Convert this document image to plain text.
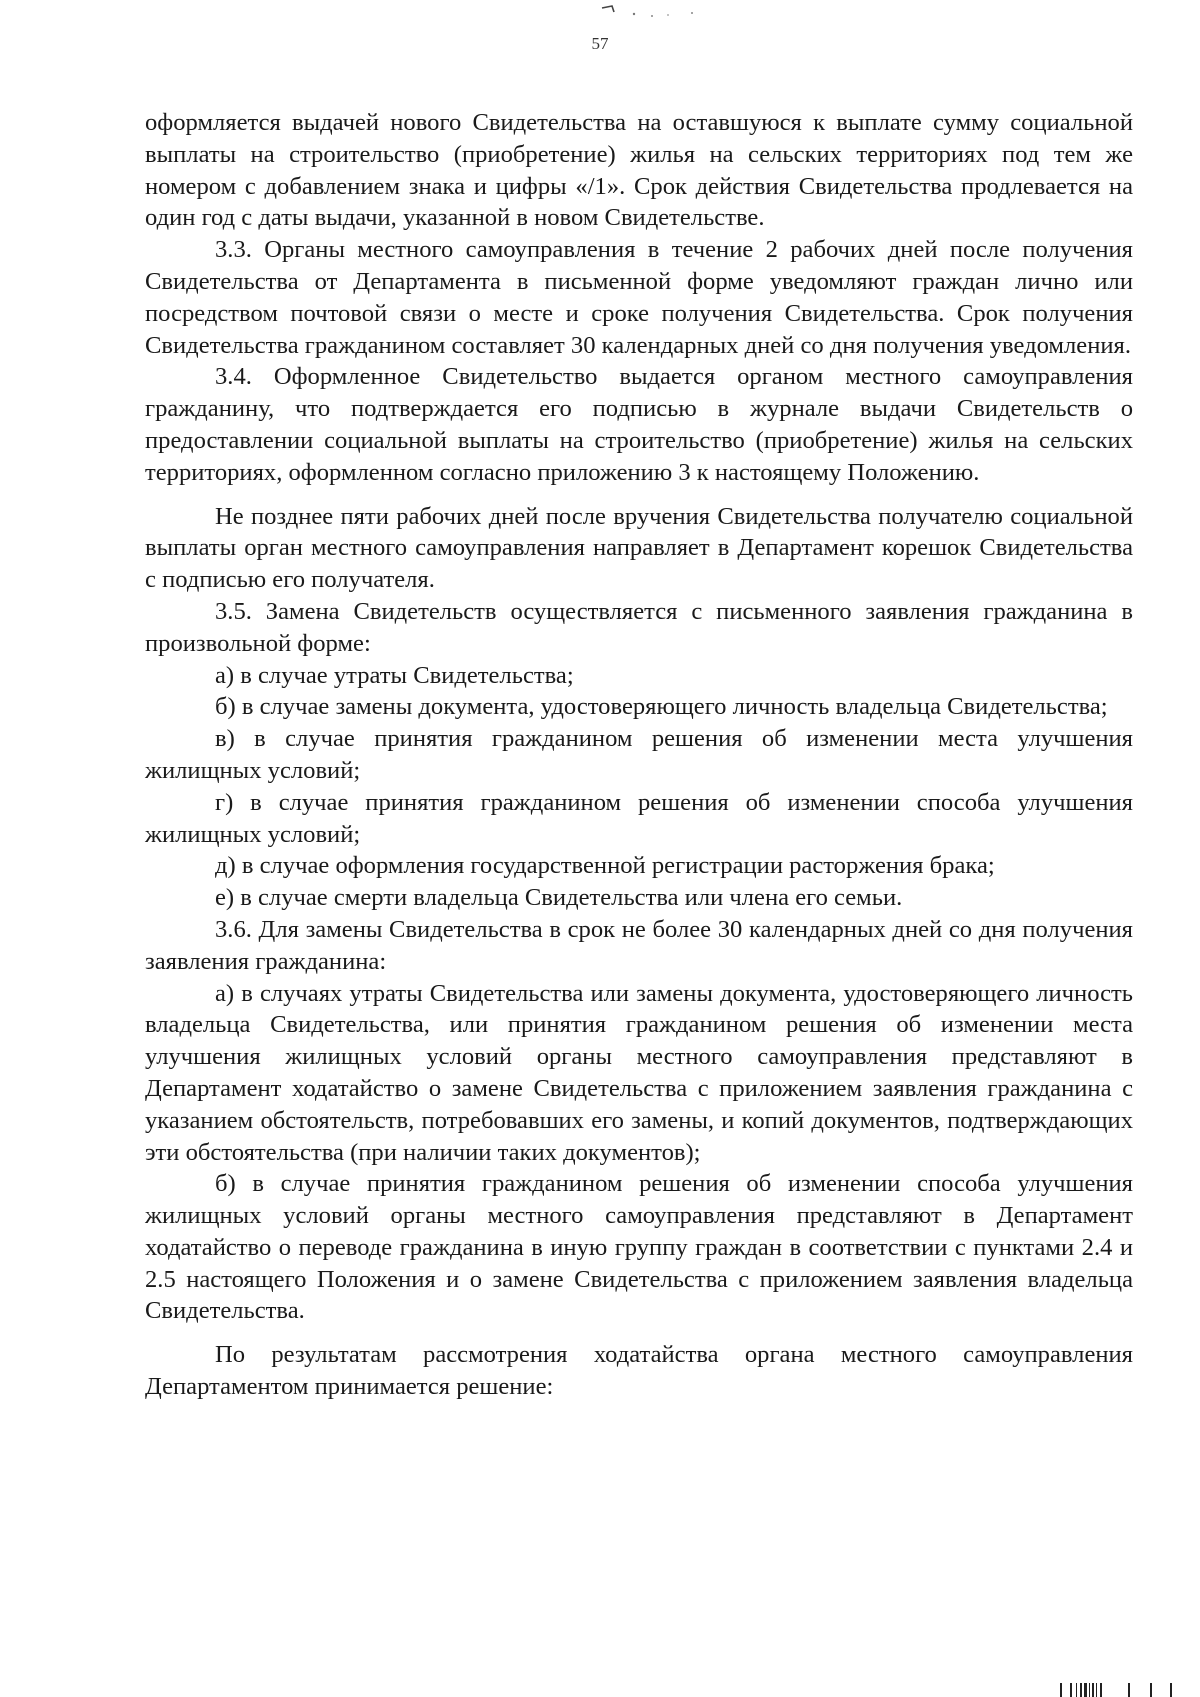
57

оформляется выдачей нового Свидетельства на оставшуюся к выплате сумму социальной выплаты на строительство (приобретение) жилья на сельских территориях под тем же номером с добавлением знака и цифры «/1». Срок действия Свидетельства продлевается на один год с даты выдачи, указанной в новом Свидетельстве.

3.3. Органы местного самоуправления в течение 2 рабочих дней после получения Свидетельства от Департамента в письменной форме уведомляют граждан лично или посредством почтовой связи о месте и сроке получения Свидетельства. Срок получения Свидетельства гражданином составляет 30 календарных дней со дня получения уведомления.

3.4. Оформленное Свидетельство выдается органом местного самоуправления гражданину, что подтверждается его подписью в журнале выдачи Свидетельств о предоставлении социальной выплаты на строительство (приобретение) жилья на сельских территориях, оформленном согласно приложению 3 к настоящему Положению.

Не позднее пяти рабочих дней после вручения Свидетельства получателю социальной выплаты орган местного самоуправления направляет в Департамент корешок Свидетельства с подписью его получателя.

3.5. Замена Свидетельств осуществляется с письменного заявления гражданина в произвольной форме:

а) в случае утраты Свидетельства;

б) в случае замены документа, удостоверяющего личность владельца Свидетельства;

в) в случае принятия гражданином решения об изменении места улучшения жилищных условий;

г) в случае принятия гражданином решения об изменении способа улучшения жилищных условий;

д) в случае оформления государственной регистрации расторжения брака;

е) в случае смерти владельца Свидетельства или члена его семьи.

3.6. Для замены Свидетельства в срок не более 30 календарных дней со дня получения заявления гражданина:

а) в случаях утраты Свидетельства или замены документа, удостоверяющего личность владельца Свидетельства, или принятия гражданином решения об изменении места улучшения жилищных условий органы местного самоуправления представляют в Департамент ходатайство о замене Свидетельства с приложением заявления гражданина с указанием обстоятельств, потребовавших его замены, и копий документов, подтверждающих эти обстоятельства (при наличии таких документов);

б) в случае принятия гражданином решения об изменении способа улучшения жилищных условий органы местного самоуправления представляют в Департамент ходатайство о переводе гражданина в иную группу граждан в соответствии с пунктами 2.4 и 2.5 настоящего Положения и о замене Свидетельства с приложением заявления владельца Свидетельства.

По результатам рассмотрения ходатайства органа местного самоуправления Департаментом принимается решение:
